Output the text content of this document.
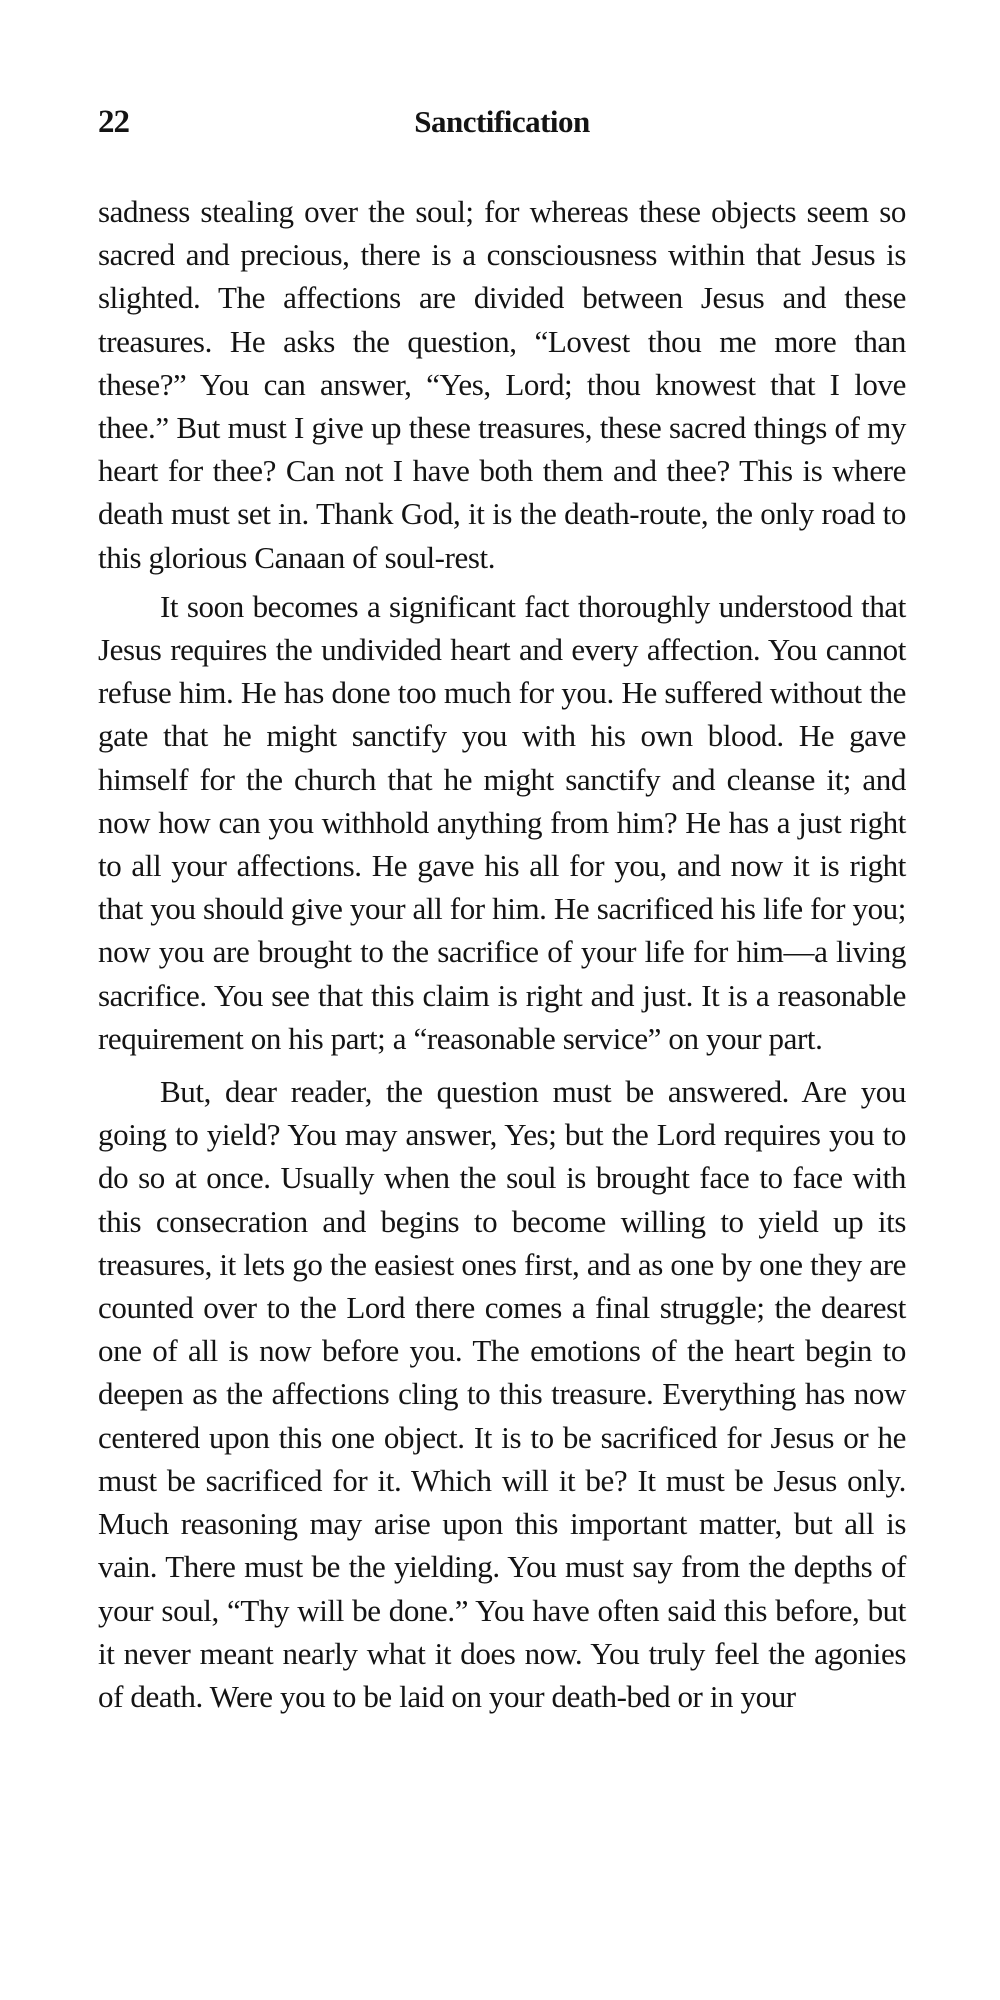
22	Sanctification

sadness stealing over the soul; for whereas these objects seem so sacred and precious, there is a consciousness within that Jesus is slighted. The affections are divided between Jesus and these treasures. He asks the question, “Lovest thou me more than these?” You can answer, “Yes, Lord; thou knowest that I love thee.” But must I give up these treasures, these sacred things of my heart for thee? Can not I have both them and thee? This is where death must set in. Thank God, it is the death-route, the only road to this glorious Canaan of soul-rest.

It soon becomes a significant fact thoroughly understood that Jesus requires the undivided heart and every affection. You cannot refuse him. He has done too much for you. He suffered without the gate that he might sanctify you with his own blood. He gave himself for the church that he might sanctify and cleanse it; and now how can you withhold anything from him? He has a just right to all your affections. He gave his all for you, and now it is right that you should give your all for him. He sacrificed his life for you; now you are brought to the sacrifice of your life for him—a living sacrifice. You see that this claim is right and just. It is a reasonable requirement on his part; a “reasonable service” on your part.

But, dear reader, the question must be answered. Are you going to yield? You may answer, Yes; but the Lord requires you to do so at once. Usually when the soul is brought face to face with this consecration and begins to become willing to yield up its treasures, it lets go the easiest ones first, and as one by one they are counted over to the Lord there comes a final struggle; the dearest one of all is now before you. The emotions of the heart begin to deepen as the affections cling to this treasure. Everything has now centered upon this one object. It is to be sacrificed for Jesus or he must be sacrificed for it. Which will it be? It must be Jesus only. Much reasoning may arise upon this important matter, but all is vain. There must be the yielding. You must say from the depths of your soul, “Thy will be done.” You have often said this before, but it never meant nearly what it does now. You truly feel the agonies of death. Were you to be laid on your death-bed or in your
